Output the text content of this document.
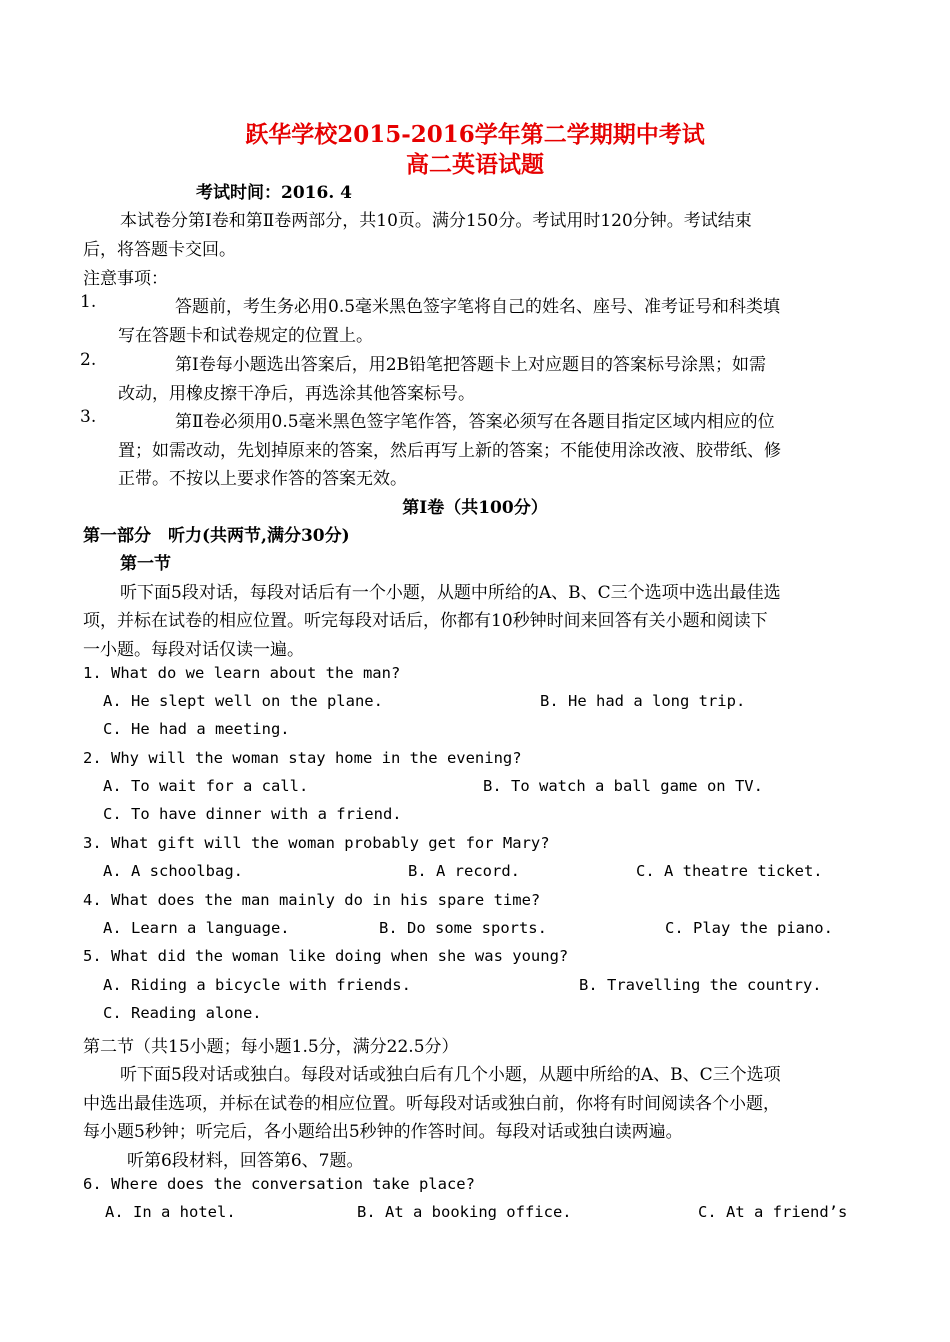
跃华学校2015-2016学年第二学期期中考试
高二英语试题
考试时间：2016. 4
本试卷分第Ⅰ卷和第Ⅱ卷两部分，共10页。满分150分。考试用时120分钟。考试结束
后，将答题卡交回。
注意事项：
1.	答题前，考生务必用0.5毫米黑色签字笔将自己的姓名、座号、准考证号和科类填
写在答题卡和试卷规定的位置上。
2.	第Ⅰ卷每小题选出答案后，用2B铅笔把答题卡上对应题目的答案标号涂黑；如需
改动，用橡皮擦干净后，再选涂其他答案标号。
3.	第Ⅱ卷必须用0.5毫米黑色签字笔作答，答案必须写在各题目指定区域内相应的位
置；如需改动，先划掉原来的答案，然后再写上新的答案；不能使用涂改液、胶带纸、修
正带。不按以上要求作答的答案无效。
第Ⅰ卷（共100分）
第一部分　听力(共两节,满分30分)
第一节
听下面5段对话，每段对话后有一个小题，从题中所给的A、B、C三个选项中选出最佳选
项，并标在试卷的相应位置。听完每段对话后，你都有10秒钟时间来回答有关小题和阅读下
一小题。每段对话仅读一遍。
1. What do we learn about the man?
A. He slept well on the plane.	B. He had a long trip.
C. He had a meeting.
2. Why will the woman stay home in the evening?
A. To wait for a call.	B. To watch a ball game on TV.
C. To have dinner with a friend.
3. What gift will the woman probably get for Mary?
A. A schoolbag.	B. A record.	C. A theatre ticket.
4. What does the man mainly do in his spare time?
A. Learn a language.	B. Do some sports.	C. Play the piano.
5. What did the woman like doing when she was young?
A. Riding a bicycle with friends.	B. Travelling the country.
C. Reading alone.
第二节（共15小题；每小题1.5分，满分22.5分）
听下面5段对话或独白。每段对话或独白后有几个小题，从题中所给的A、B、C三个选项
中选出最佳选项，并标在试卷的相应位置。听每段对话或独白前，你将有时间阅读各个小题，
每小题5秒钟；听完后，各小题给出5秒钟的作答时间。每段对话或独白读两遍。
听第6段材料，回答第6、7题。
6. Where does the conversation take place?
A. In a hotel.	B. At a booking office.	C. At a friend’s
